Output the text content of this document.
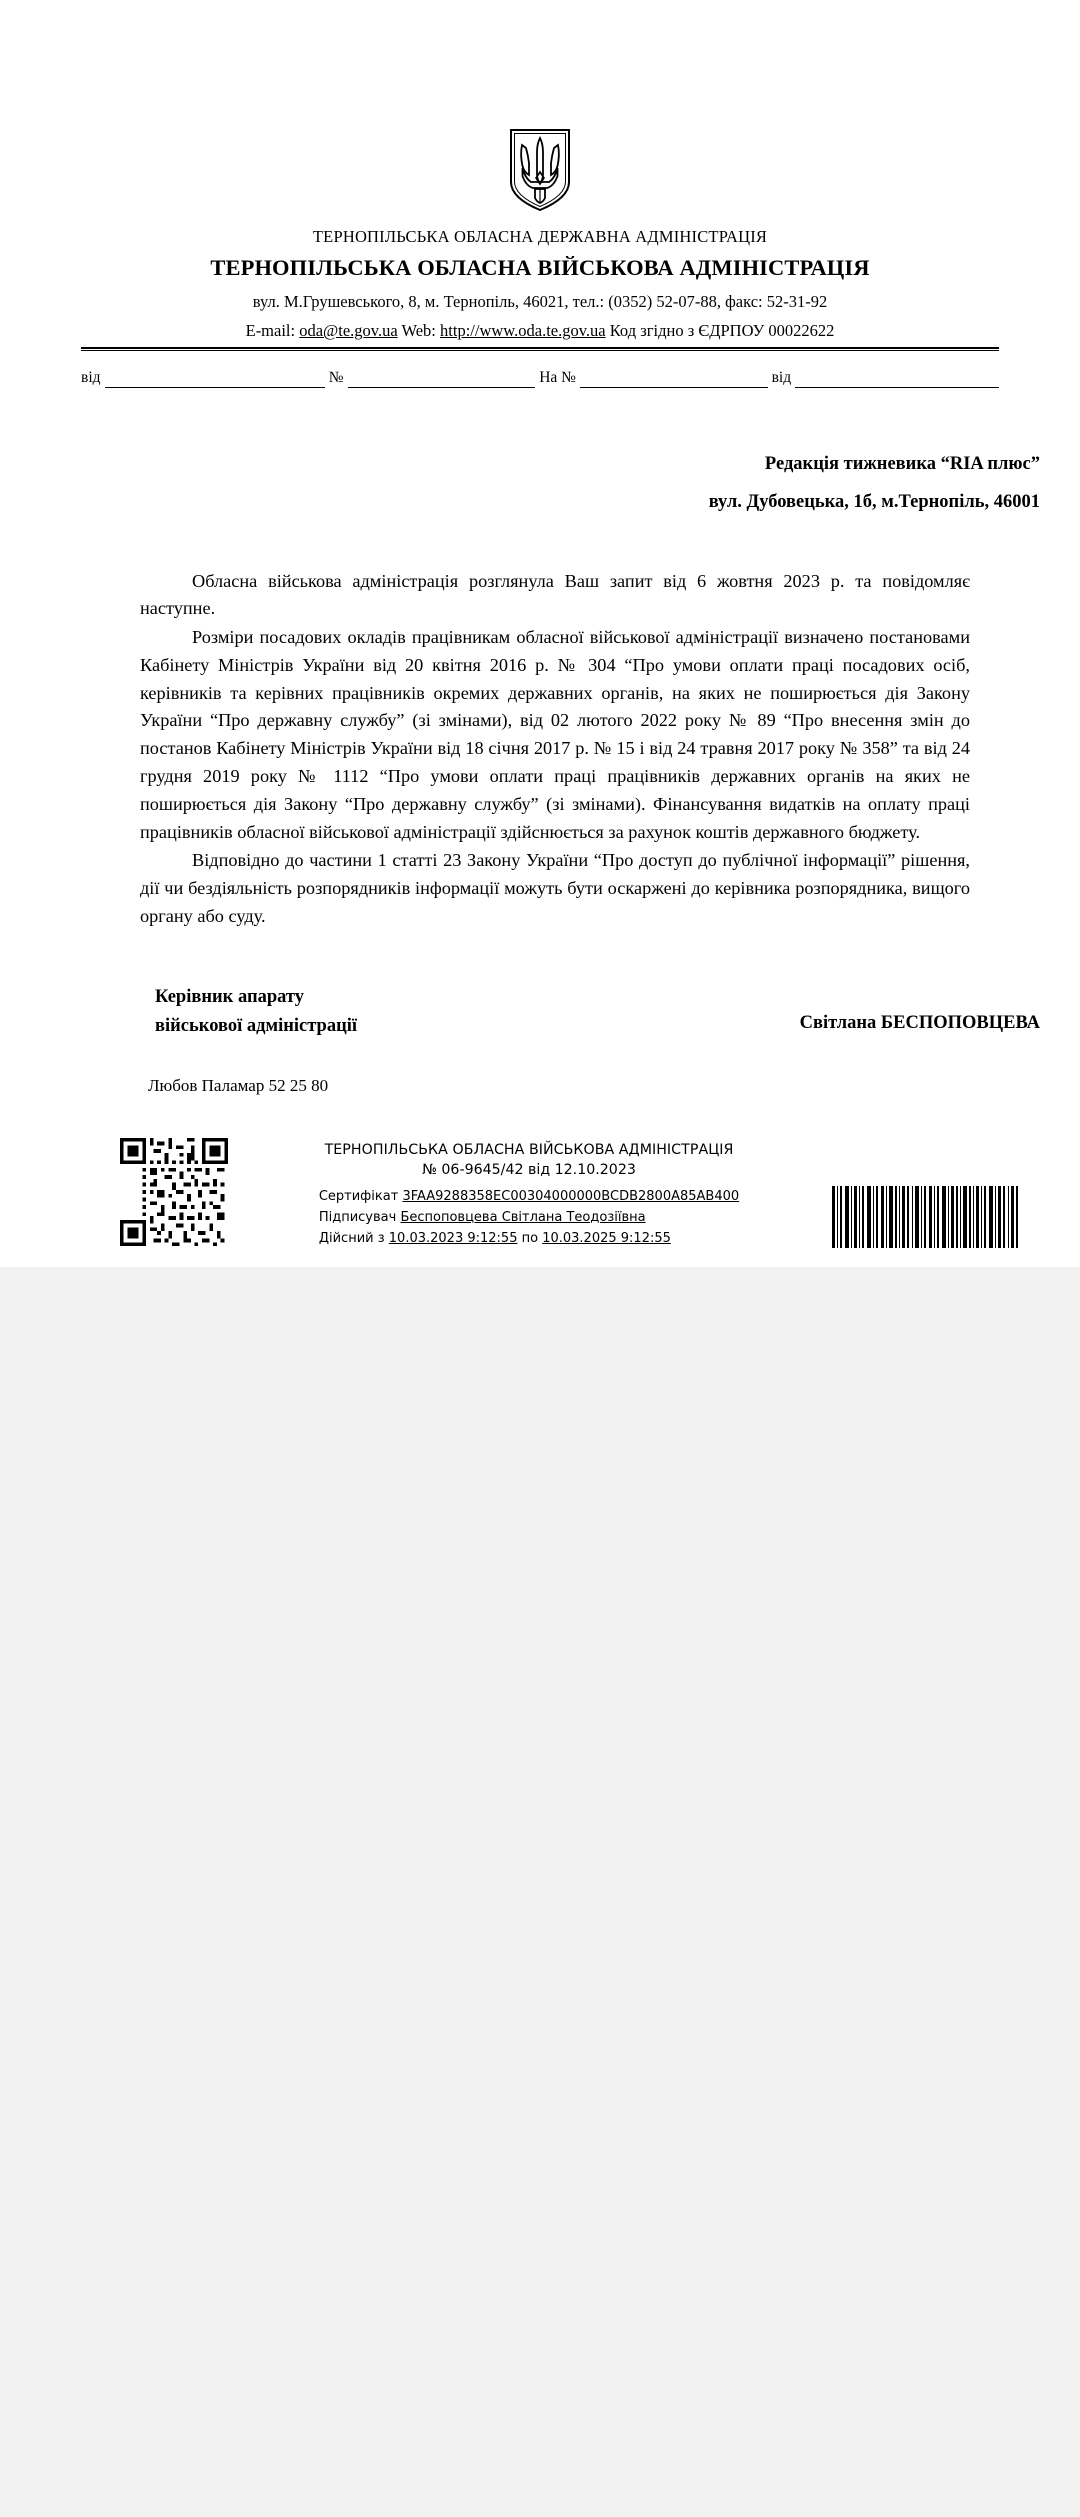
ТЕРНОПІЛЬСЬКА ОБЛАСНА ДЕРЖАВНА АДМІНІСТРАЦІЯ
ТЕРНОПІЛЬСЬКА ОБЛАСНА ВІЙСЬКОВА АДМІНІСТРАЦІЯ
вул. М.Грушевського, 8, м. Тернопіль, 46021, тел.: (0352) 52-07-88, факс: 52-31-92
E-mail: oda@te.gov.ua Web: http://www.oda.te.gov.ua Код згідно з ЄДРПОУ 00022622
від	№	На №	від
Редакція тижневика “RIA плюс”
вул. Дубовецька, 1б, м.Тернопіль, 46001

Обласна військова адміністрація розглянула Ваш запит від 6 жовтня 2023 р. та повідомляє наступне.

Розміри посадових окладів працівникам обласної військової адміністрації визначено постановами Кабінету Міністрів України від 20 квітня 2016 р. № 304 “Про умови оплати праці посадових осіб, керівників та керівних працівників окремих державних органів, на яких не поширюється дія Закону України “Про державну службу” (зі змінами), від 02 лютого 2022 року № 89 “Про внесення змін до постанов Кабінету Міністрів України від 18 січня 2017 р. № 15 і від 24 травня 2017 року № 358” та від 24 грудня 2019 року № 1112 “Про умови оплати праці працівників державних органів на яких не поширюється дія Закону “Про державну службу” (зі змінами). Фінансування видатків на оплату праці працівників обласної військової адміністрації здійснюється за рахунок коштів державного бюджету.

Відповідно до частини 1 статті 23 Закону України “Про доступ до публічної інформації” рішення, дії чи бездіяльність розпорядників інформації можуть бути оскаржені до керівника розпорядника, вищого органу або суду.

Керівник апарату
військової адміністрації	Світлана БЕСПОПОВЦЕВА
Любов Паламар 52 25 80
ТЕРНОПІЛЬСЬКА ОБЛАСНА ВІЙСЬКОВА АДМІНІСТРАЦІЯ
№ 06-9645/42 від 12.10.2023
Сертифікат 3FAA9288358EC00304000000BCDB2800A85AB400
Підписувач Беспоповцева Світлана Теодозіївна
Дійсний з 10.03.2023 9:12:55 по 10.03.2025 9:12:55
